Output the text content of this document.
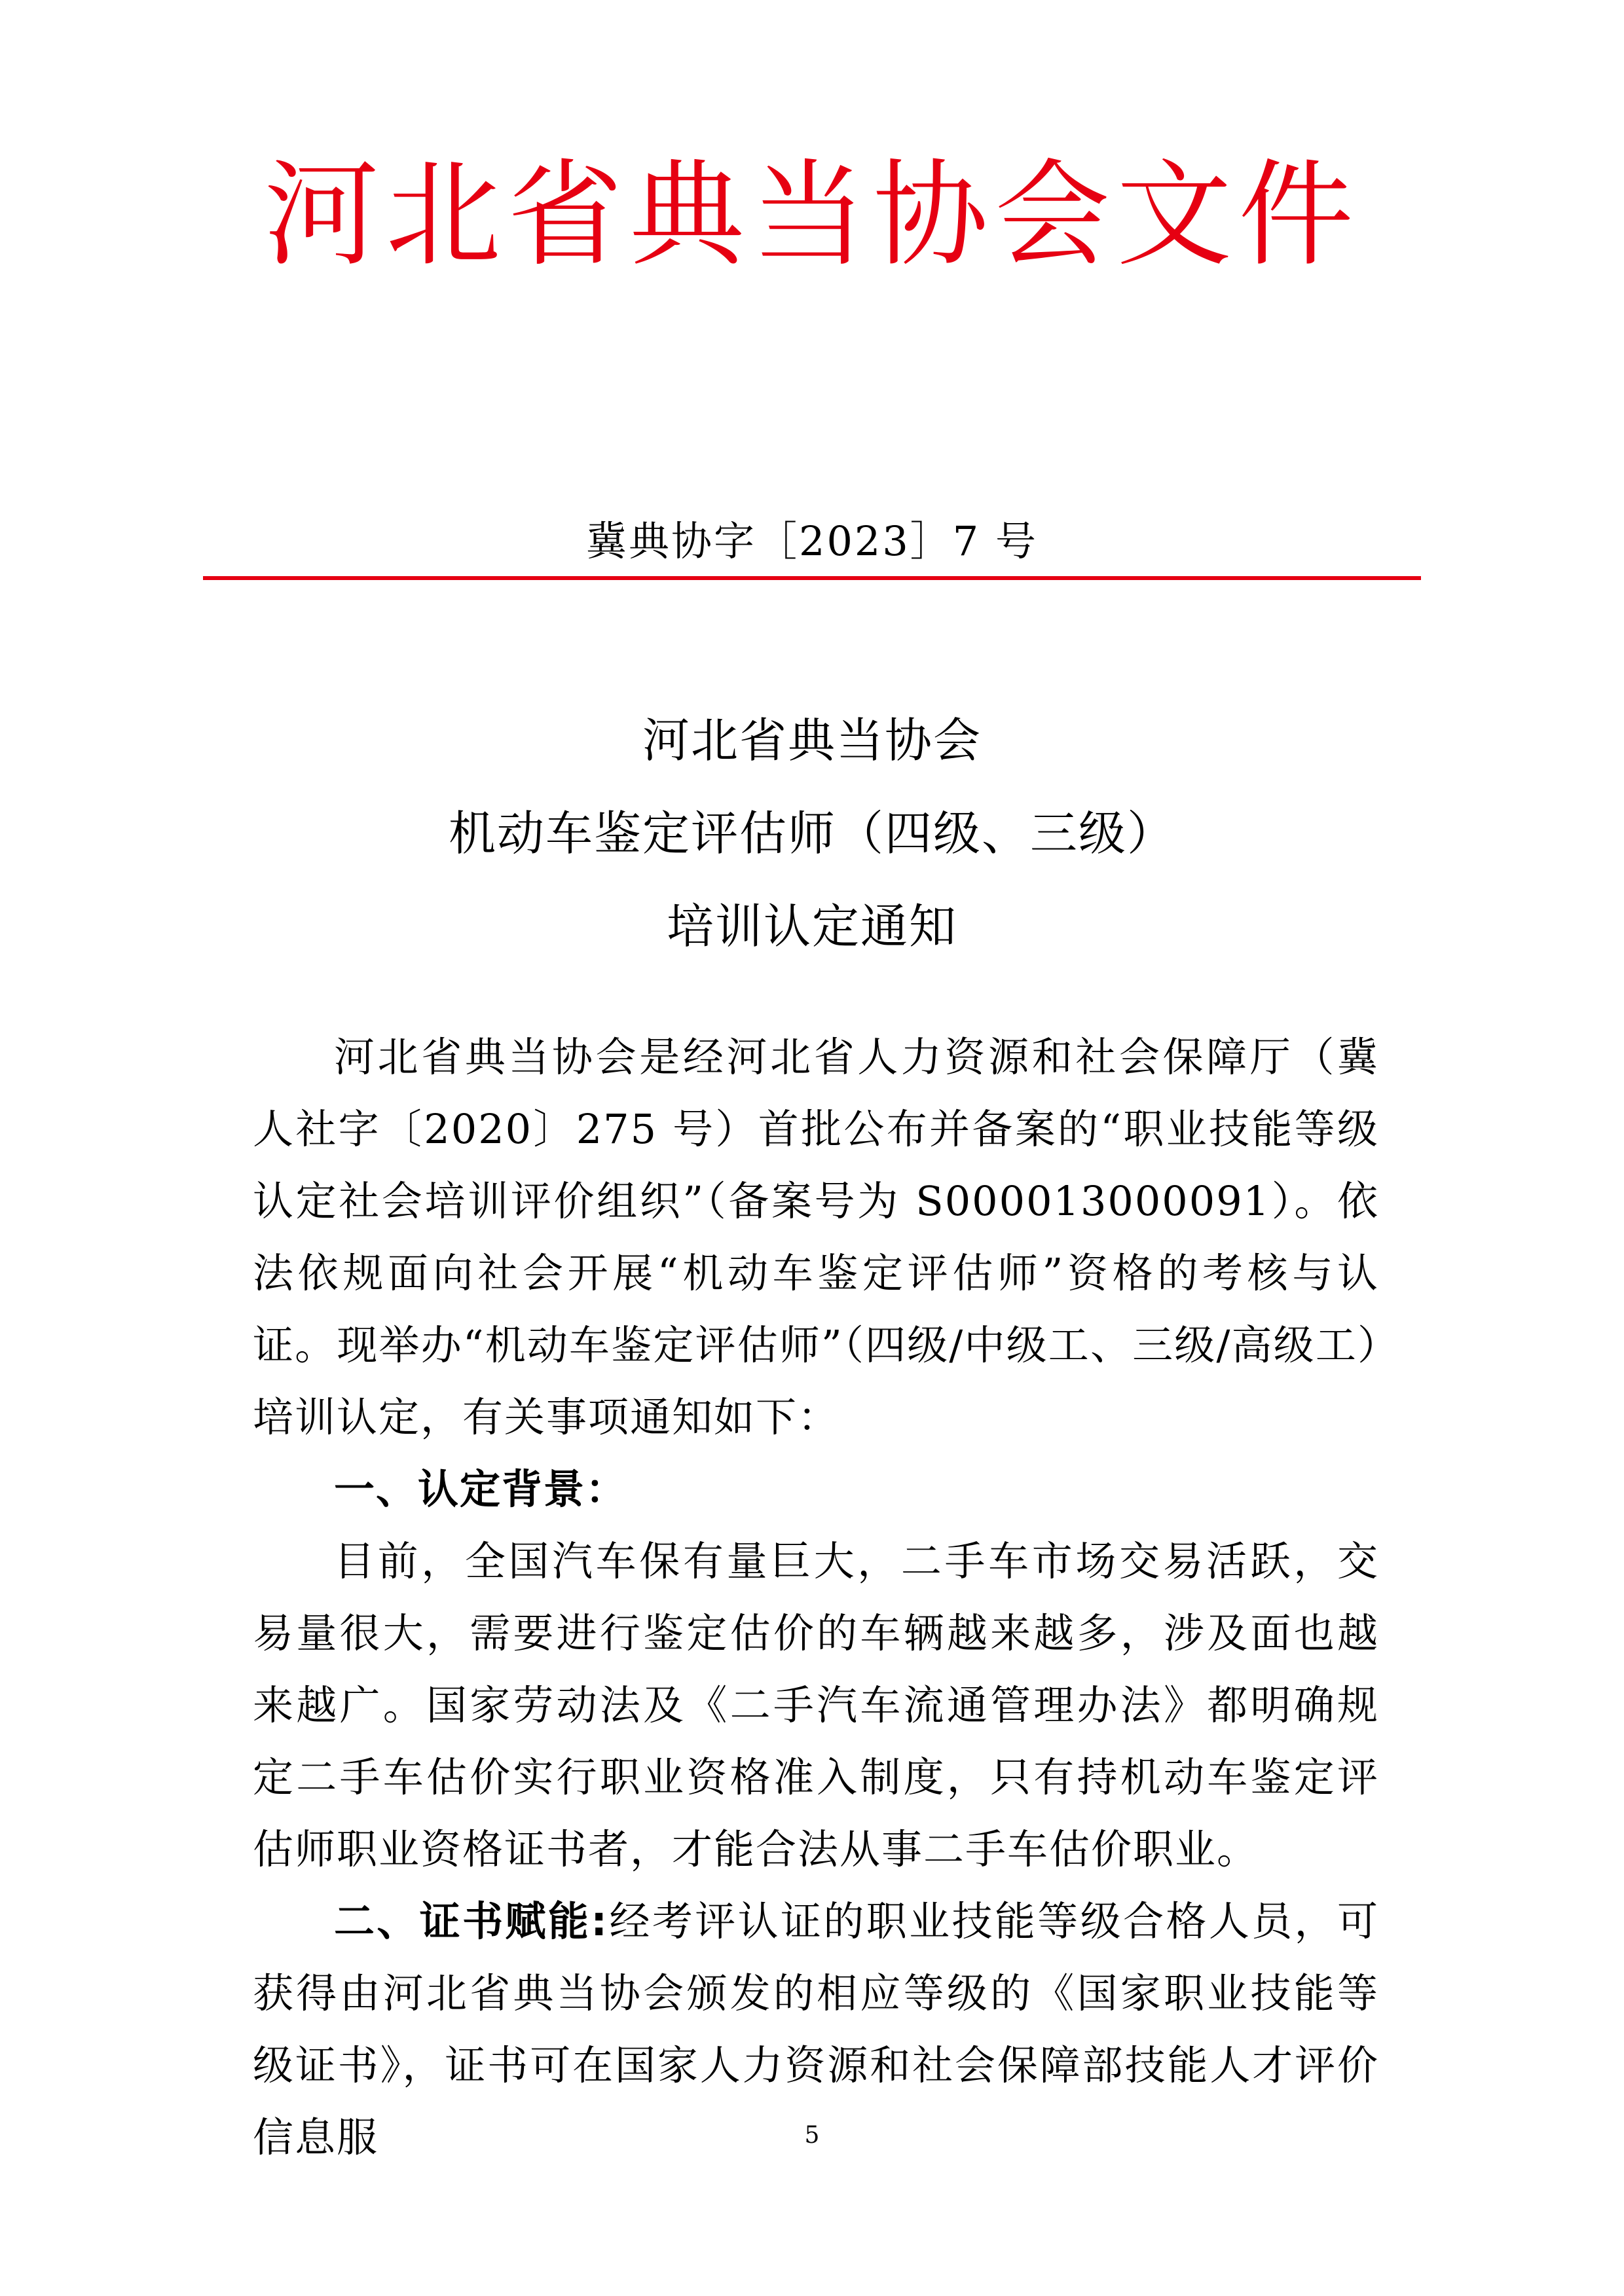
河北省典当协会文件
冀典协字［2023］7 号
河北省典当协会
机动车鉴定评估师（四级、三级）
培训认定通知

河北省典当协会是经河北省人力资源和社会保障厅（冀人社字〔2020〕275 号）首批公布并备案的“职业技能等级认定社会培训评价组织”（备案号为 S000013000091）。依法依规面向社会开展“机动车鉴定评估师”资格的考核与认证。现举办“机动车鉴定评估师”（四级/中级工、三级/高级工）培训认定，有关事项通知如下：

一、认定背景：

目前，全国汽车保有量巨大，二手车市场交易活跃，交易量很大，需要进行鉴定估价的车辆越来越多，涉及面也越来越广。国家劳动法及《二手汽车流通管理办法》都明确规定二手车估价实行职业资格准入制度，只有持机动车鉴定评估师职业资格证书者，才能合法从事二手车估价职业。

二、证书赋能:经考评认证的职业技能等级合格人员，可获得由河北省典当协会颁发的相应等级的《国家职业技能等级证书》，证书可在国家人力资源和社会保障部技能人才评价信息服	5
